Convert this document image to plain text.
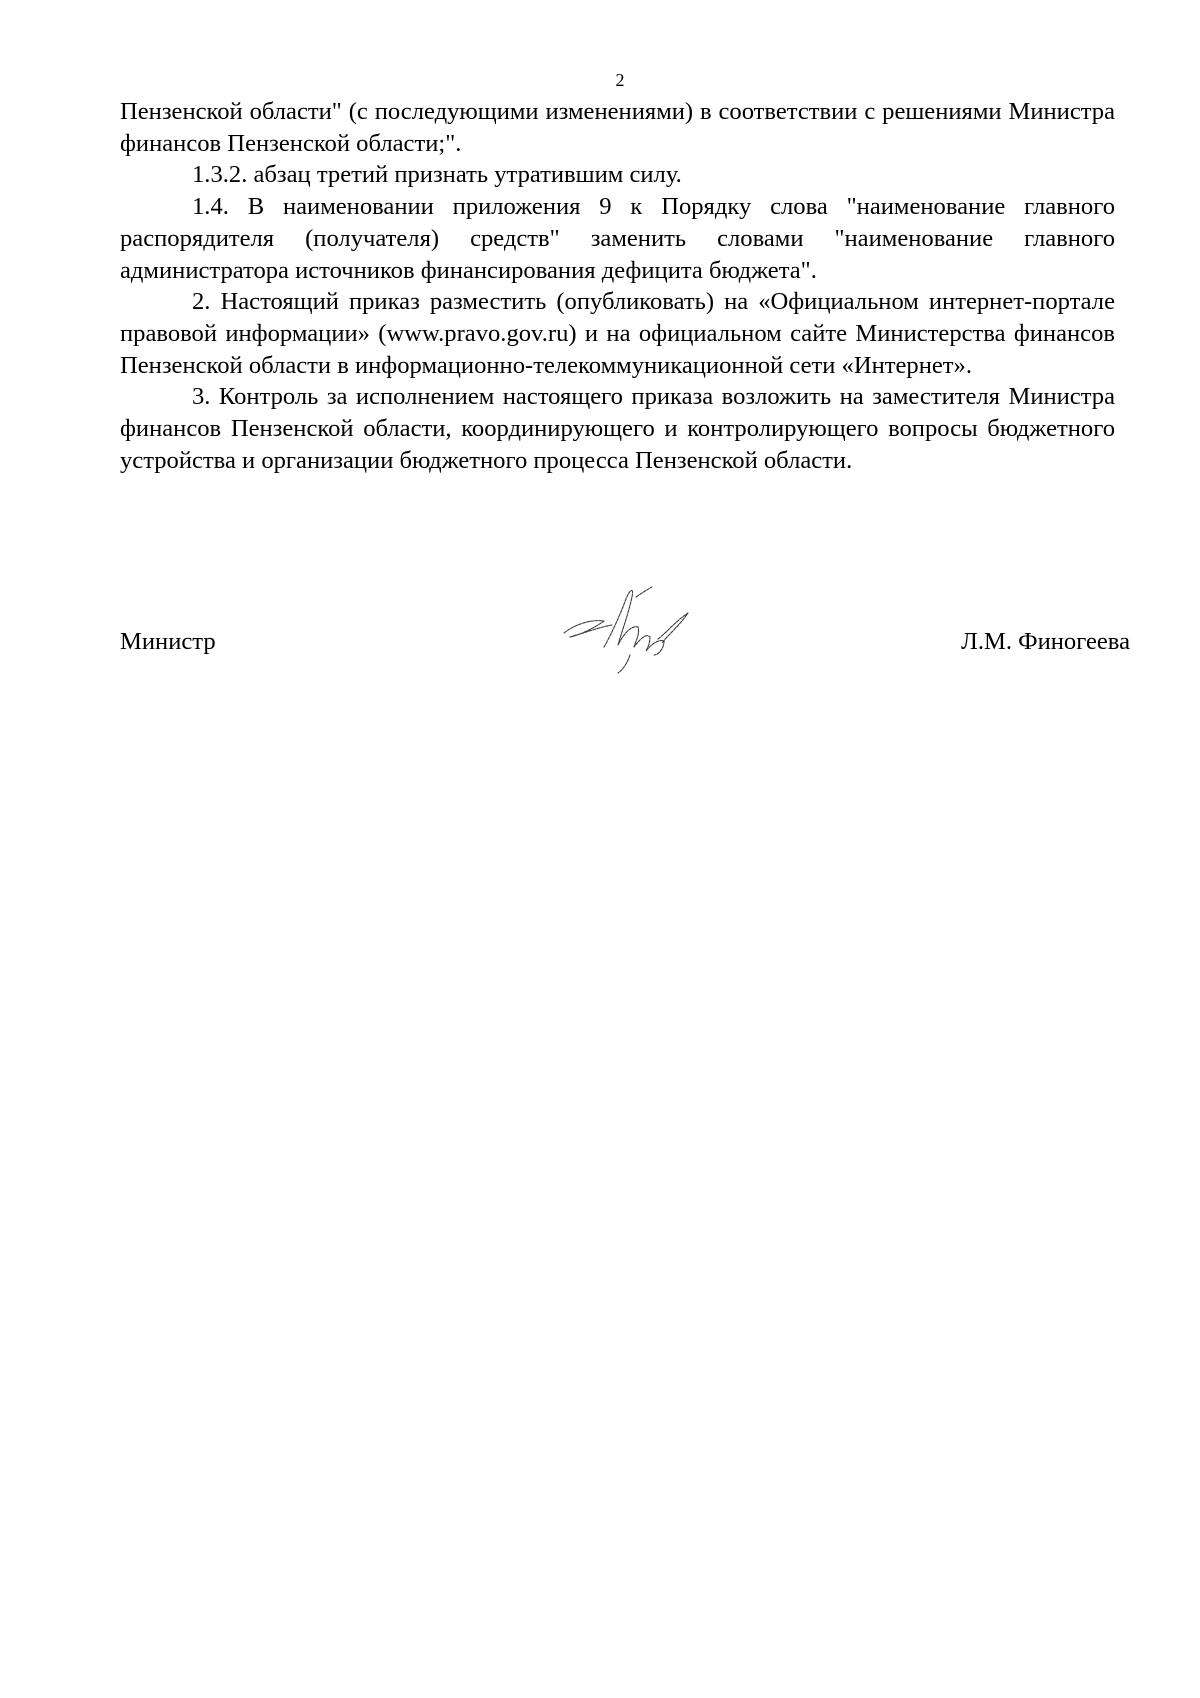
2

Пензенской области" (с последующими изменениями) в соответствии с решениями Министра финансов Пензенской области;".

1.3.2. абзац третий признать утратившим силу.

1.4. В наименовании приложения 9 к Порядку слова "наименование главного распорядителя (получателя) средств" заменить словами "наименование главного администратора источников финансирования дефицита бюджета".

2. Настоящий приказ разместить (опубликовать) на «Официальном интернет-портале правовой информации» (www.pravo.gov.ru) и на официальном сайте Министерства финансов Пензенской области в информационно-телекоммуникационной сети «Интернет».

3. Контроль за исполнением настоящего приказа возложить на заместителя Министра финансов Пензенской области, координирующего и контролирующего вопросы бюджетного устройства и организации бюджетного процесса Пензенской области.

Министр	Л.М. Финогеева
